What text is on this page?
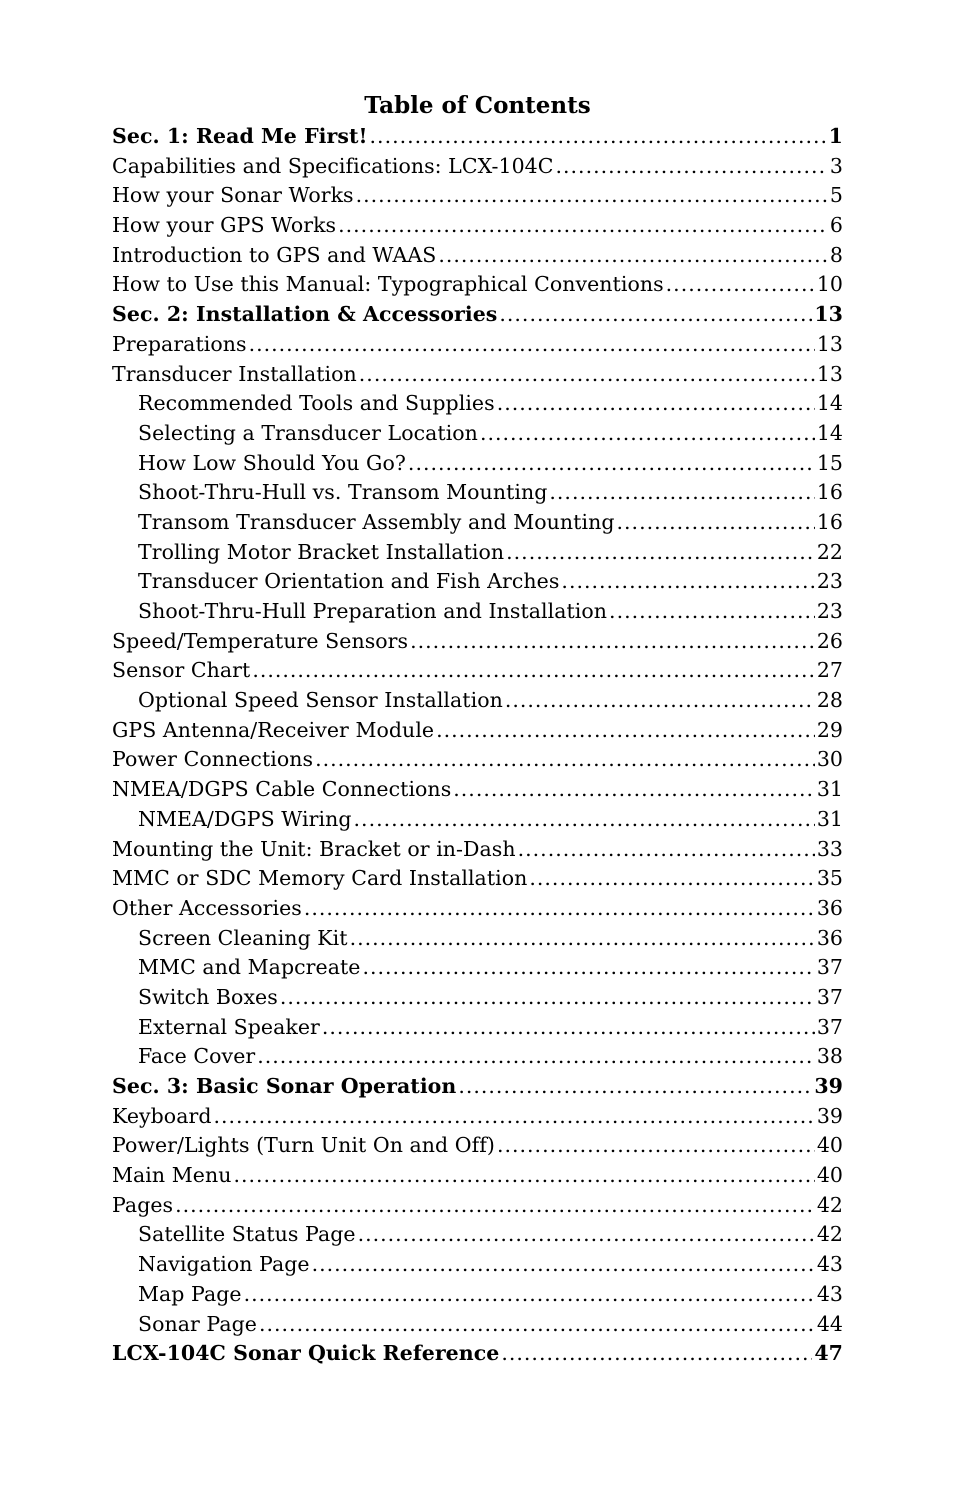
Table of Contents
Sec. 1: Read Me First! .....	1
Capabilities and Specifications: LCX-104C .....	3
How your Sonar Works .....	5
How your GPS Works .....	6
Introduction to GPS and WAAS .....	8
How to Use this Manual: Typographical Conventions .....	10
Sec. 2: Installation & Accessories .....	13
Preparations .....	13
Transducer Installation .....	13
Recommended Tools and Supplies .....	14
Selecting a Transducer Location .....	14
How Low Should You Go? .....	15
Shoot-Thru-Hull vs. Transom Mounting .....	16
Transom Transducer Assembly and Mounting .....	16
Trolling Motor Bracket Installation .....	22
Transducer Orientation and Fish Arches .....	23
Shoot-Thru-Hull Preparation and Installation .....	23
Speed/Temperature Sensors .....	26
Sensor Chart .....	27
Optional Speed Sensor Installation .....	28
GPS Antenna/Receiver Module .....	29
Power Connections .....	30
NMEA/DGPS Cable Connections .....	31
NMEA/DGPS Wiring .....	31
Mounting the Unit: Bracket or in-Dash .....	33
MMC or SDC Memory Card Installation .....	35
Other Accessories .....	36
Screen Cleaning Kit .....	36
MMC and Mapcreate .....	37
Switch Boxes .....	37
External Speaker .....	37
Face Cover .....	38
Sec. 3: Basic Sonar Operation .....	39
Keyboard .....	39
Power/Lights (Turn Unit On and Off) .....	40
Main Menu .....	40
Pages .....	42
Satellite Status Page .....	42
Navigation Page .....	43
Map Page .....	43
Sonar Page .....	44
LCX-104C Sonar Quick Reference .....	47
